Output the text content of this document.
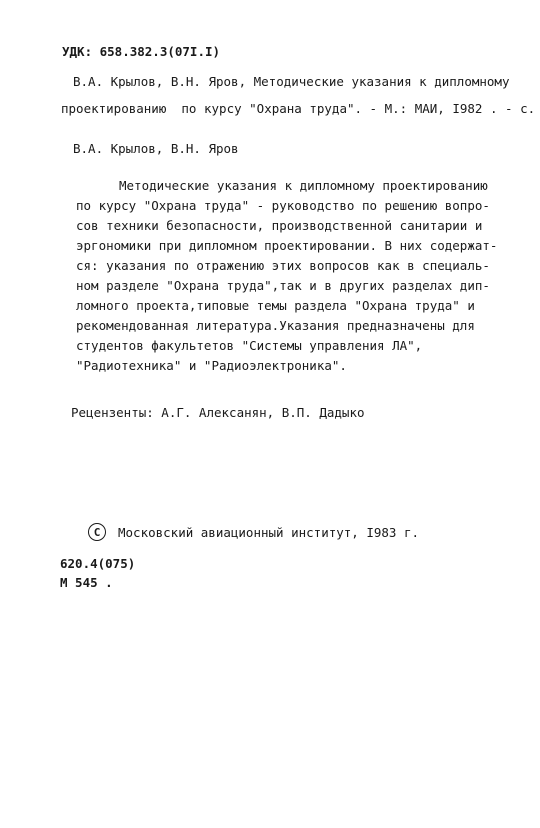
УДК: 658.382.3(07I.I)
В.А. Крылов, В.Н. Яров, Методические указания к дипломному
проектированию  по курсу "Охрана труда". - М.: МАИ, I982 . - с.
В.А. Крылов, В.Н. Яров
Методические указания к дипломному проектированию
по курсу "Охрана труда" - руководство по решению вопро-
сов техники безопасности, производственной санитарии и
эргономики при дипломном проектировании. В них содержат-
ся: указания по отражению этих вопросов как в специаль-
ном разделе "Охрана труда",так и в других разделах дип-
ломного проекта,типовые темы раздела "Охрана труда" и
рекомендованная литература.Указания предназначены для
студентов факультетов "Системы управления ЛА",
"Радиотехника" и "Радиоэлектроника".
Рецензенты: А.Г. Алексанян, В.П. Дадыко
C	Московский авиационный институт, I983 г.
620.4(075)
М 545 .
